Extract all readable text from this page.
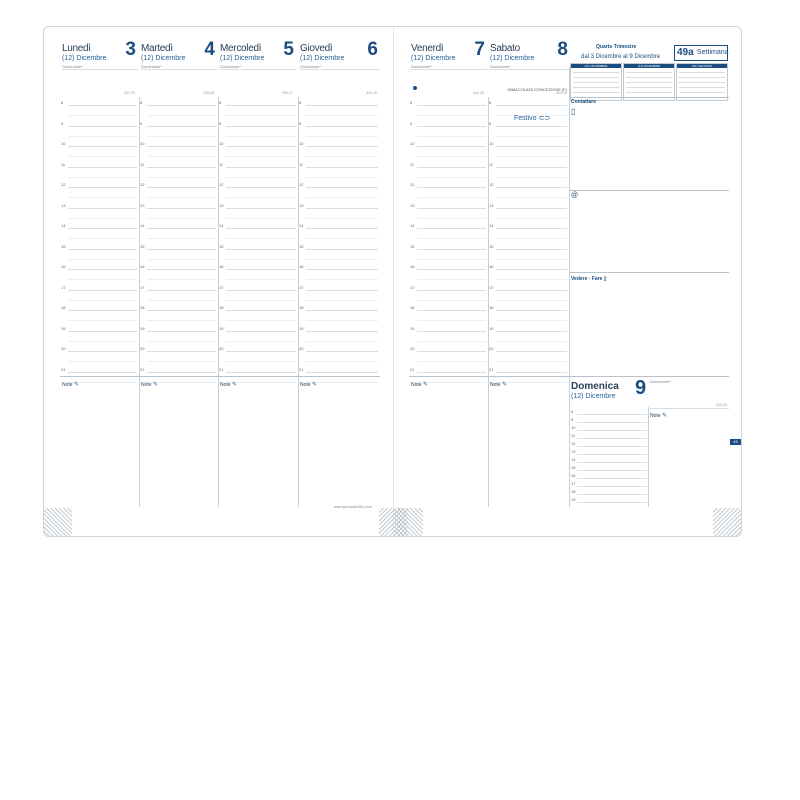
Lunedì 3
(12) Dicembre
Dominante*
337-29
Martedì 4
(12) Dicembre
Dominante*
338-28
Mercoledì 5
(12) Dicembre
Dominante*
339-27
Giovedì 6
(12) Dicembre
Dominante*
340-26
Venerdì 7
(12) Dicembre
Dominante*
341-25
Sabato 8
(12) Dicembre
Dominante*
IMMACOLATA CONCEZIONE (F)
342-24
Quarto Trimestre
dal 3 Dicembre al 9 Dicembre 49a Settimana
(11) NOVEMBRE	(12) DICEMBRE	(01) GENNAIO
8	8	8	8	8	8
9	9	9	9	9	9
10	10	10	10	10	10
11	11	11	11	11	11
12	12	12	12	12	12
13	13	13	13	13	13
14	14	14	14	14	14
15	15	15	15	15	15
16	16	16	16	16	16
17	17	17	17	17	17
18	18	18	18	18	18
19	19	19	19	19	19
20	20	20	20	20	20
21	21	21	21	21	21
Note ✎	Note ✎	Note ✎	Note ✎	Note ✎	Note ✎
Festivo ⊂⊃
Contattare
▯
@
Vedere - Fare ▯
Domenica
(12) Dicembre 9 Dominante*
343-23
Note ✎
8
9
10
11
12
13
14
15
16
17
18
19
www.quovadis1954.com
49
